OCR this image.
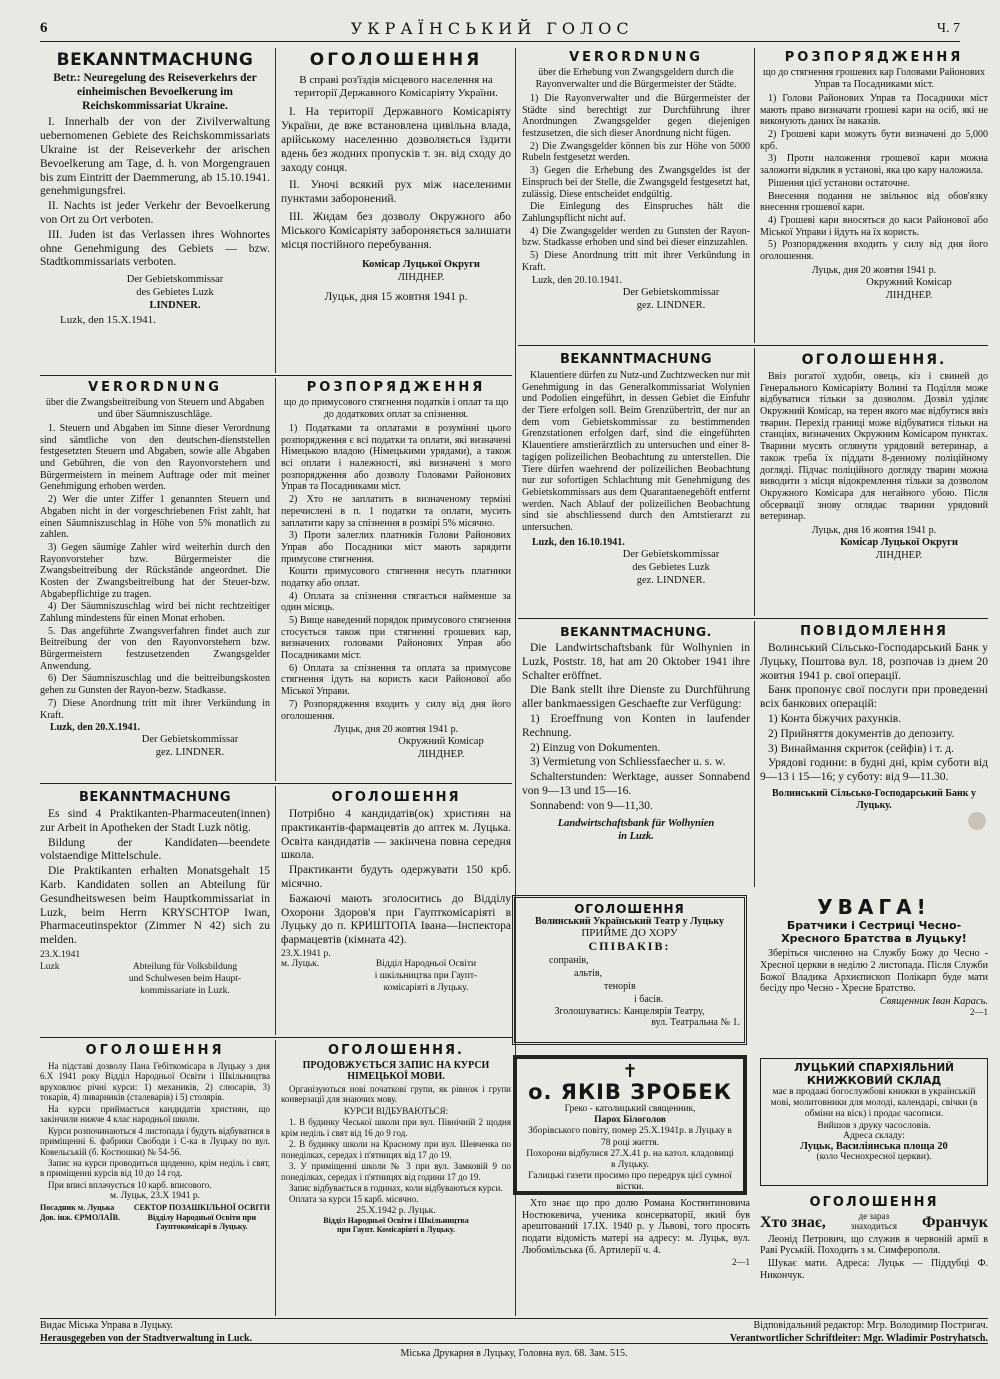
6	УКРАЇНСЬКИЙ ГОЛОС	Ч. 7
BEKANNTMACHUNG
Betr.: Neuregelung des Reiseverkehrs der einheimischen Bevoelkerung im Reichskommissariat Ukraine.

I. Innerhalb der von der Zivilverwaltung uebernomenen Gebiete des Reichskommissariats Ukraine ist der Reiseverkehr der arischen Bevoelkerung am Tage, d. h. von Morgengrauen bis zum Eintritt der Daemmerung, ab 15.10.1941. genehmigungsfrei.

II. Nachts ist jeder Verkehr der Bevoelkerung von Ort zu Ort verboten.

III. Juden ist das Verlassen ihres Wohnortes ohne Genehmigung des Gebiets — bzw. Stadtkommissariats verboten.

Der Gebietskommissar
des Gebietes Luzk
LINDNER.
Luzk, den 15.X.1941.
ОГОЛОШЕННЯ
В справі роз'їздів місцевого населення на території Державного Комісаріяту України.

I. На території Державного Комісаріяту України, де вже встановлена цивільна влада, арійському населенню дозволяється їздити вдень без жодних пропусків т. зн. від сходу до заходу сонця.

II. Уночі всякий рух між населеними пунктами заборонений.

III. Жидам без дозволу Окружного або Міського Комісаріяту забороняється залишати місця постійного перебування.

Комісар Луцької Округи
ЛІНДНЕР.
Луцьк, дня 15 жовтня 1941 р.
VERORDNUNG
über die Erhebung von Zwangsgeldern durch die Rayonverwalter und die Bürgermeister der Städte.

1) Die Rayonverwalter und die Bürgermeister der Städte sind berechtigt zur Durchführung ihrer Anordnungen Zwangsgelder gegen diejenigen festzusetzen, die sich dieser Anordnung nicht fügen.

2) Die Zwangsgelder können bis zur Höhe von 5000 Rubeln festgesetzt werden.

3) Gegen die Erhebung des Zwangsgeldes ist der Einspruch bei der Stelle, die Zwangsgeld festgesetzt hat, zulässig. Diese entscheidet endgültig.

Die Einlegung des Einspruches hält die Zahlungspflicht nicht auf.

4) Die Zwangsgelder werden zu Gunsten der Rayon-bzw. Stadkasse erhoben und sind bei dieser einzuzahlen.

5) Diese Anordnung tritt mit ihrer Verkündung in Kraft.

Luzk, den 20.10.1941.
Der Gebietskommissar
gez. LINDNER.
РОЗПОРЯДЖЕННЯ
що до стягнення грошевих кар Головами Районових Управ та Посадниками міст.

1) Голови Районових Управ та Посадники міст мають право визначати грошеві кари на осіб, які не виконують даних їм наказів.

2) Грошеві кари можуть бути визначені до 5,000 крб.

3) Проти наложення грошевої кари можна заложити відклик в установі, яка цю кару наложила.

Рішення цієї установи остаточне.

Внесення подання не звільнює від обов'язку внесення грошевої кари.

4) Грошеві кари вносяться до каси Районової або Міської Управи і йдуть на їх користь.

5) Розпорядження входить у силу від дня його оголошення.

Луцьк, дня 20 жовтня 1941 р.
Окружний Комісар
ЛІНДНЕР.
VERORDNUNG
über die Zwangsbeitreibung von Steuern und Abgaben und über Säumniszuschläge.

1. Steuern und Abgaben im Sinne dieser Verordnung sind sämtliche von den deutschen-dienststellen festgesetzten Steuern und Abgaben, sowie alle Abgaben und Gebühren, die von den Rayonvorstehern und Bürgermeistern in meinem Auftrage oder mit meiner Genehmigung erhoben werden.

2) Wer die unter Ziffer 1 genannten Steuern und Abgaben nicht in der vorgeschriebenen Frist zahlt, hat einen Säumniszuschlag in Höhe von 5% monatlich zu zahlen.

3) Gegen säumige Zahler wird weiterhin durch den Rayonvorsteher bzw. Bürgermeister die Zwangsbeitreibung der Rückstände angeordnet. Die Kosten der Zwangsbeitreibung hat der Steuer-bzw. Abgabepflichtige zu tragen.

4) Der Säumniszuschlag wird bei nicht rechtzeitiger Zahlung mindestens für einen Monat erhoben.

5. Das angeführte Zwangsverfahren findet auch zur Beitreibung der von den Rayonvorstehern bzw. Bürgermeistern festzusetzenden Zwangsgelder Anwendung.

6) Der Säumniszuschlag und die beitreibungskosten gehen zu Gunsten der Rayon-bezw. Stadkasse.

7) Diese Anordnung tritt mit ihrer Verkündung in Kraft.

Luzk, den 20.X.1941.
Der Gebietskommissar
gez. LINDNER.
РОЗПОРЯДЖЕННЯ
що до примусового стягнення податків і оплат та що до додаткових оплат за спізнення.

1) Податками та оплатами в розумінні цього розпорядження є всі податки та оплати, які визначені Німецькою владою (Німецькими урядами), а також всі оплати і належності, які визначені з мого розпорядження або дозволу Головами Районових Управ та Посадниками міст.

2) Хто не заплатить в визначеному терміні перечислені в п. 1 податки та оплати, мусить заплатити кару за спізнення в розмірі 5% місячно.

3) Проти залеглих платників Голови Районових Управ або Посадники міст мають зарядити примусове стягнення.

Кошти примусового стягнення несуть платники податку або оплат.

4) Оплата за спізнення стягається найменше за один місяць.

5) Вище наведений порядок примусового стягнення стосується також при стягненні грошевих кар, визначених головами Районових Управ або Посадниками міст.

6) Оплата за спізнення та оплата за примусове стягнення ідуть на користь каси Районової або Міської Управи.

7) Розпорядження входить у силу від дня його оголошення.

Луцьк, дня 20 жовтня 1941 р.
Окружний Комісар
ЛІНДНЕР.
BEKANNTMACHUNG

Klauentiere dürfen zu Nutz-und Zuchtzwecken nur mit Genehmigung in das Generalkommissariat Wolynien und Podolien eingeführt, in dessen Gebiet die Einfuhr der Tiere erfolgen soll. Beim Grenzübertritt, der nur an dem vom Gebietskommissar zu bestimmenden Grenzstationen erfolgen darf, sind die eingeführten Klauentiere amstierärztlich zu untersuchen und einer 8-tagigen polizeilichen Beobachtung zu unterstellen. Die Tiere dürfen waehrend der polizeilichen Beobachtung nur zur sofortigen Schlachtung mit Genehmigung des Gebietskommissars aus dem Quarantaenegehöft entfernt werden. Nach Ablauf der polizeilichen Beobachtung sind sie abschliessend durch den Amtstierarzt zu untersuchen.

Luzk, den 16.10.1941.
Der Gebietskommissar
des Gebietes Luzk
gez. LINDNER.
ОГОЛОШЕННЯ.

Ввіз рогатої худоби, овець, кіз і свиней до Генерального Комісаріяту Волині та Поділля може відбуватися тільки за дозволом. Дозвіл уділяє Окружний Комісар, на терен якого має відбутися ввіз тварин. Перехід границі може відбуватися тільки на станціях, визначених Окружним Комісаром пунктах. Тварини мусять оглянути урядовий ветеринар, а також треба їх піддати 8-денному поліційному догляді. Підчас поліційного догляду тварин можна виводити з місця відокремлення тільки за дозволом Окружного Комісара для негайного убою. Після обсервації знову оглядає тварини урядовий ветеринар.

Луцьк, дня 16 жовтня 1941 р.
Комісар Луцької Округи
ЛІНДНЕР.
BEKANNTMACHUNG

Es sind 4 Praktikanten-Pharmaceuten(innen) zur Arbeit in Apotheken der Stadt Luzk nötig.

Bildung der Kandidaten—beendete volstaendige Mittelschule.

Die Praktikanten erhalten Monatsgehalt 15 Karb. Kandidaten sollen an Abteilung für Gesundheitswesen beim Hauptkommissariat in Luzk, beim Herrn KRYSCHTOP Iwan, Pharmaceutinspektor (Zimmer N 42) sich zu melden.

23.X.1941
Luzk	Abteilung für Volksbildung
und Schulwesen beim Haupt-
kommissariate in Luzk.
ОГОЛОШЕННЯ

Потрібно 4 кандидатів(ок) християн на практикантів-фармацевтів до аптек м. Луцька. Освіта кандидатів — закінчена повна середня школа.

Практиканти будуть одержувати 150 крб. місячно.

Бажаючі мають зголоситись до Відділу Охорони Здоров'я при Гаупткомісаріяті в Луцьку до п. КРИШТОПА Івана—Інспектора фармацевтів (кімната 42).

23.X.1941 р.
м. Луцьк.	Відділ Народньої Освіти
і шкільництва при Гаупт-
комісаріяті в Луцьку.
BEKANNTMACHUNG.

Die Landwirtschaftsbank für Wolhynien in Luzk, Poststr. 18, hat am 20 Oktober 1941 ihre Schalter eröffnet.

Die Bank stellt ihre Dienste zu Durchführung aller bankmaessigen Geschaefte zur Verfügung:

1) Eroeffnung von Konten in laufender Rechnung.

2) Einzug von Dokumenten.

3) Vermietung von Schliessfaecher u. s. w.

Schalterstunden: Werktage, ausser Sonnabend von 9—13 und 15—16.

Sonnabend: von 9—11,30.

Landwirtschaftsbank für Wolhynien
in Luzk.
ПОВІДОМЛЕННЯ

Волинський Сільсько-Господарський Банк у Луцьку, Поштова вул. 18, розпочав із днем 20 жовтня 1941 р. свої операції.

Банк пропонує свої послуги при проведенні всіх банкових операцій:

1) Конта біжучих рахунків.

2) Прийняття документів до депозиту.

3) Винаймання скриток (сейфів) і т. д.

Урядові години: в будні дні, крім суботи від 9—13 і 15—16; у суботу: від 9—11.30.

Волинський Сільсько-Господарський Банк у Луцьку.
ОГОЛОШЕННЯ
Волинський Український Театр у Луцьку
ПРИЙМЕ ДО ХОРУ
СПІВАКІВ:
сопранів,
альтів,
тенорів
і басів.
Зголошуватись: Канцелярія Театру,
вул. Театральна № 1.
УВАГА!
Братчики і Сестриці Чесно-Хресного Братства в Луцьку!

Зберіться численно на Службу Божу до Чесно - Хресної церкви в неділю 2 листопада. Після Служби Божої Владика Архиєпископ Полікарп буде мати бесіду про Чесно - Хресне Братство.

Священник Іван Карась.
2—1
✝
о. ЯКІВ ЗРОБЕК
Греко - католицький священник,
Парох Білоголов
Зборівського повіту, помер 25.X.1941р. в Луцьку в 78 році життя.
Похорони відбулися 27.X.41 р. на катол. кладовищі в Луцьку.
Галицькі газети просимо про передрук цієї сумної вістки.

Хто знає що про долю Романа Костянтиновича Ностюкевича, ученика консерваторії, який був арештований 17.IX. 1940 р. у Львові, того просять подати відомість матері на адресу: м. Луцьк, вул. Любомільська (б. Артилерії ч. 4.

2—1
ЛУЦЬКИЙ СПАРХІЯЛЬНИЙ
КНИЖКОВИЙ СКЛАД
має в продажі богослужбові книжки в українській мові, молитовники для молоді, календарі, свічки (в обміни на віск) і продає часописи.
Вийшов з друку часословів.
Адреса складу:
Луцьк, Василіянська площа 20
(коло Чеснохресної церкви).
ОГОЛОШЕННЯ
Хто знає,	де зараз знаходиться	Франчук

Леонід Петрович, що служив в червоній армії в Раві Руській. Походить з м. Симферополя.

Шукає мати. Адреса: Луцьк — Піддубці Ф. Никончук.

ОГОЛОШЕННЯ

На підставі дозволу Пана Гебіткомісара в Луцьку з дня 6.X 1941 року Відділ Народньої Освіти і Шкільництва вруховлює річні курси: 1) механиків, 2) слюсарів, 3) токарів, 4) ливарників (сталеварів) і 5) столярів.

На курси приймається кандидатів християн, що закінчили нижче 4 клас народньої школи.

Курси розпочинаються 4 листопада і будуть відбуватися в приміщенні 6. фабрики Свободи і С-ка в Луцьку по вул. Ковельській (б. Костюшки) № 54-56.

Запис на курси проводиться щоденно, крім неділь і свят, в приміщенні курсів від 10 до 14 год.

При вписі вплачується 10 карб. вписового.

м. Луцьк, 23.X 1941 р.
Посадник м. Луцька
Дов. інж. ЄРМОЛАЇВ.
СЕКТОР ПОЗАШКІЛЬНОЇ ОСВІТИ
Відділу Народньої Освіти при
Гауптокомісарі в Луцьку.
ОГОЛОШЕННЯ.
ПРОДОВЖУЄТЬСЯ ЗАПИС НА КУРСИ
НІМЕЦЬКОЇ МОВИ.

Організуються нові початкові групи, як рівнож і групи конверзації для знаючих мову.

КУРСИ ВІДБУВАЮТЬСЯ:

1. В будинку Чеської школи при вул. Північній 2 щодня крім неділь і свят від 16 до 9 год.

2. В будинку школи на Красному при вул. Шевченка по понеділках, середах і п'ятницях від 17 до 19.

3. У приміщенні школи № 3 при вул. Замковій 9 по понеділках, середах і п'ятницях від години 17 до 19.

Запис відбувається в годинах, коли відбуваються курси.

Оплата за курси 15 карб. місячно.

25.X.1942 р. Луцьк.
Відділ Народньої Освіти і Шкільництва
при Гаупт. Комісаріяті в Луцьку.
Видає Міська Управа в Луцьку.
Herausgegeben von der Stadtverwaltung in Luck.
Відповідальний редактор: Мгр. Володимир Постригач.
Verantwortlicher Schriftleiter: Mgr. Wladimir Postryhatsch.
Міська Друкарня в Луцьку, Головна вул. 68. Зам. 515.
